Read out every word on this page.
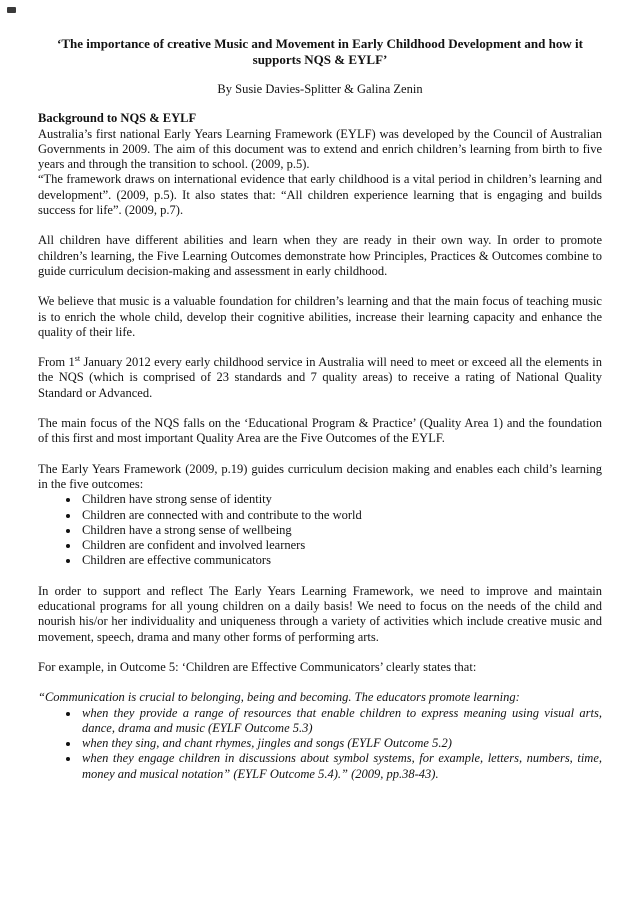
‘The importance of creative Music and Movement in Early Childhood Development and how it supports NQS & EYLF’

By Susie Davies-Splitter & Galina Zenin

Background to NQS & EYLF

Australia’s first national Early Years Learning Framework (EYLF) was developed by the Council of Australian Governments in 2009. The aim of this document was to extend and enrich children’s learning from birth to five years and through the transition to school. (2009, p.5).

“The framework draws on international evidence that early childhood is a vital period in children’s learning and development”. (2009, p.5). It also states that: “All children experience learning that is engaging and builds success for life”. (2009, p.7).

All children have different abilities and learn when they are ready in their own way. In order to promote children’s learning, the Five Learning Outcomes demonstrate how Principles, Practices & Outcomes combine to guide curriculum decision-making and assessment in early childhood.

We believe that music is a valuable foundation for children’s learning and that the main focus of teaching music is to enrich the whole child, develop their cognitive abilities, increase their learning capacity and enhance the quality of their life.

From 1st January 2012 every early childhood service in Australia will need to meet or exceed all the elements in the NQS (which is comprised of 23 standards and 7 quality areas) to receive a rating of National Quality Standard or Advanced.

The main focus of the NQS falls on the ‘Educational Program & Practice’ (Quality Area 1) and the foundation of this first and most important Quality Area are the Five Outcomes of the EYLF.

The Early Years Framework (2009, p.19) guides curriculum decision making and enables each child’s learning in the five outcomes:

• Children have strong sense of identity
• Children are connected with and contribute to the world
• Children have a strong sense of wellbeing
• Children are confident and involved learners
• Children are effective communicators

In order to support and reflect The Early Years Learning Framework, we need to improve and maintain educational programs for all young children on a daily basis! We need to focus on the needs of the child and nourish his/or her individuality and uniqueness through a variety of activities which include creative music and movement, speech, drama and many other forms of performing arts.

For example, in Outcome 5: ‘Children are Effective Communicators’ clearly states that:

“Communication is crucial to belonging, being and becoming. The educators promote learning:

• when they provide a range of resources that enable children to express meaning using visual arts, dance, drama and music (EYLF Outcome 5.3)
• when they sing, and chant rhymes, jingles and songs (EYLF Outcome 5.2)
• when they engage children in discussions about symbol systems, for example, letters, numbers, time, money and musical notation” (EYLF Outcome 5.4).” (2009, pp.38-43).
